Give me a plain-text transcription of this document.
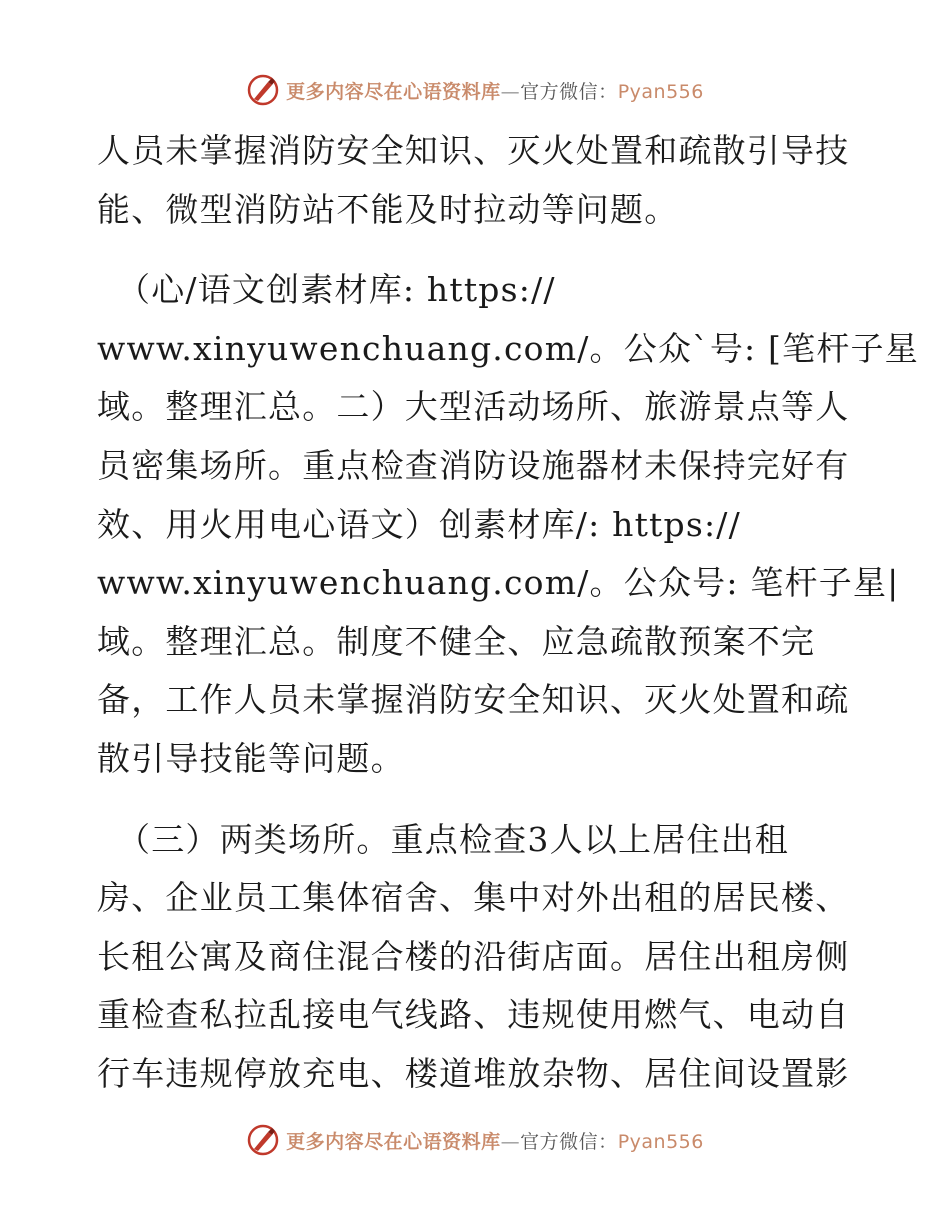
更多内容尽在心语资料库—官方微信：Pyan556
人员未掌握消防安全知识、灭火处置和疏散引导技
能、微型消防站不能及时拉动等问题。
（心/语文创素材库: https://
www.xinyuwenchuang.com/。公众`号: [笔杆子星
域。整理汇总。二）大型活动场所、旅游景点等人
员密集场所。重点检查消防设施器材未保持完好有
效、用火用电心语文）创素材库/: https://
www.xinyuwenchuang.com/。公众号: 笔杆子星|
域。整理汇总。制度不健全、应急疏散预案不完
备，工作人员未掌握消防安全知识、灭火处置和疏
散引导技能等问题。
（三）两类场所。重点检查3人以上居住出租
房、企业员工集体宿舍、集中对外出租的居民楼、
长租公寓及商住混合楼的沿街店面。居住出租房侧
重检查私拉乱接电气线路、违规使用燃气、电动自
行车违规停放充电、楼道堆放杂物、居住间设置影
更多内容尽在心语资料库—官方微信：Pyan556
